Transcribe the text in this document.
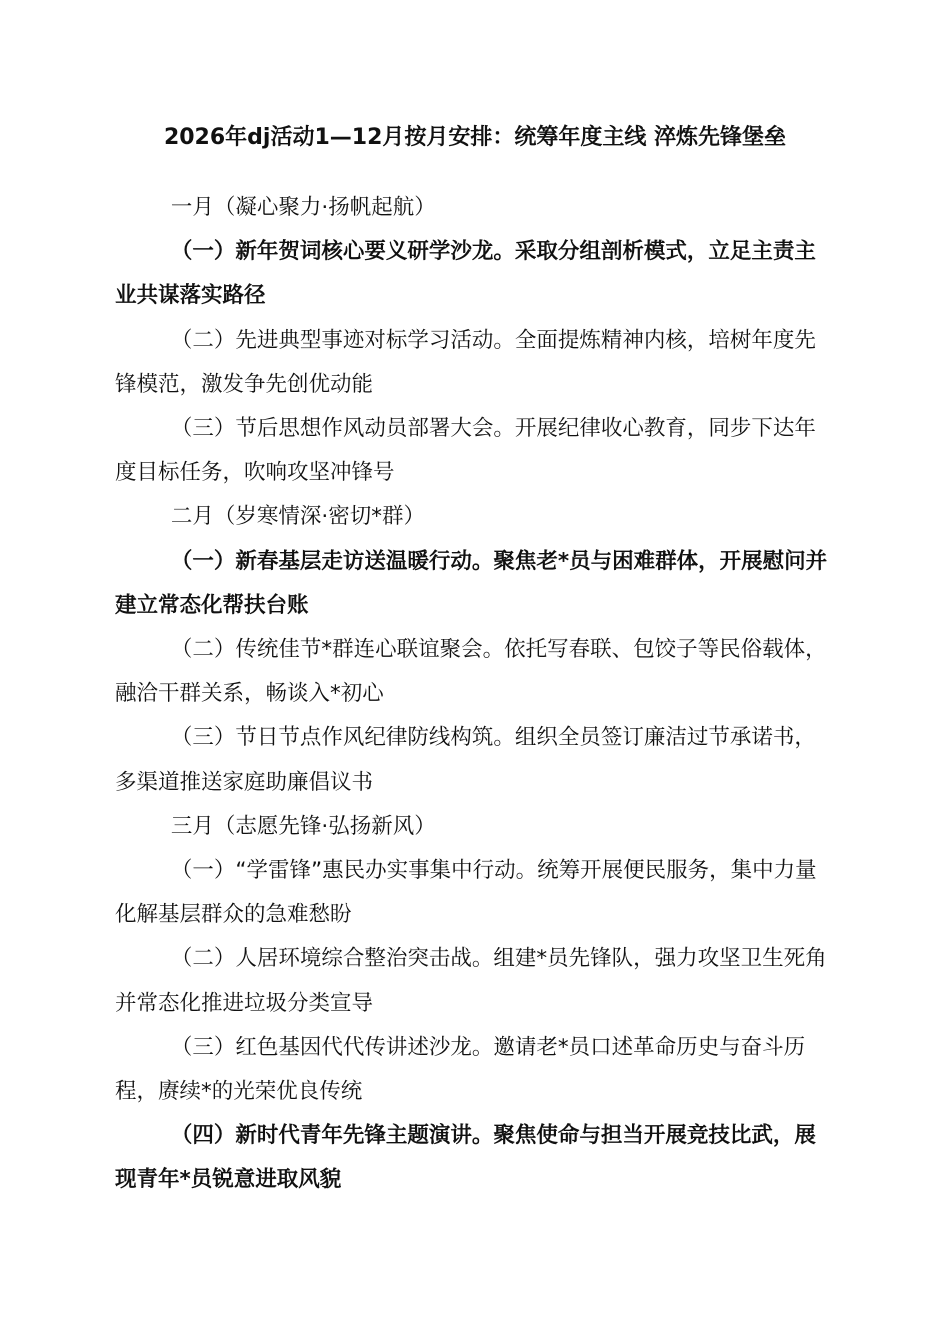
2026年dj活动1—12月按月安排：统筹年度主线 淬炼先锋堡垒

一月（凝心聚力·扬帆起航）

（一）新年贺词核心要义研学沙龙。采取分组剖析模式，立足主责主业共谋落实路径

（二）先进典型事迹对标学习活动。全面提炼精神内核，培树年度先锋模范，激发争先创优动能

（三）节后思想作风动员部署大会。开展纪律收心教育，同步下达年度目标任务，吹响攻坚冲锋号

二月（岁寒情深·密切*群）

（一）新春基层走访送温暖行动。聚焦老*员与困难群体，开展慰问并建立常态化帮扶台账

（二）传统佳节*群连心联谊聚会。依托写春联、包饺子等民俗载体，融洽干群关系，畅谈入*初心

（三）节日节点作风纪律防线构筑。组织全员签订廉洁过节承诺书，多渠道推送家庭助廉倡议书

三月（志愿先锋·弘扬新风）

（一）“学雷锋”惠民办实事集中行动。统筹开展便民服务，集中力量化解基层群众的急难愁盼

（二）人居环境综合整治突击战。组建*员先锋队，强力攻坚卫生死角并常态化推进垃圾分类宣导

（三）红色基因代代传讲述沙龙。邀请老*员口述革命历史与奋斗历程，赓续*的光荣优良传统

（四）新时代青年先锋主题演讲。聚焦使命与担当开展竞技比武，展现青年*员锐意进取风貌
